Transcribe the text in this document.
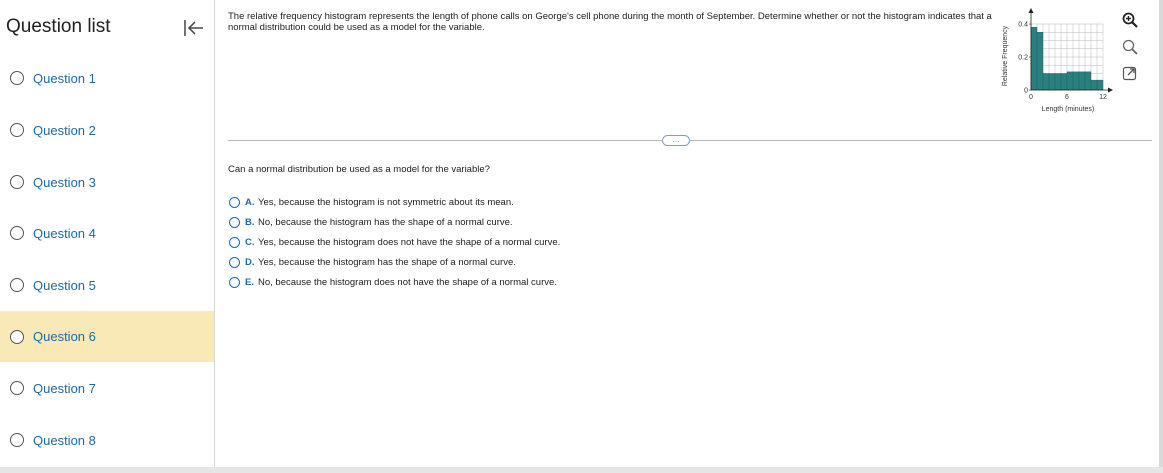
Question list
Question 1
Question 2
Question 3
Question 4
Question 5
Question 6
Question 7
Question 8
The relative frequency histogram represents the length of phone calls on George's cell phone during the month of September. Determine whether or not the histogram indicates that a normal distribution could be used as a model for the variable.
0
0.2
0.4
0	6	12
Relative Frequency
Length (minutes)
…
Can a normal distribution be used as a model for the variable?
A. Yes, because the histogram is not symmetric about its mean.
B. No, because the histogram has the shape of a normal curve.
C. Yes, because the histogram does not have the shape of a normal curve.
D. Yes, because the histogram has the shape of a normal curve.
E. No, because the histogram does not have the shape of a normal curve.
